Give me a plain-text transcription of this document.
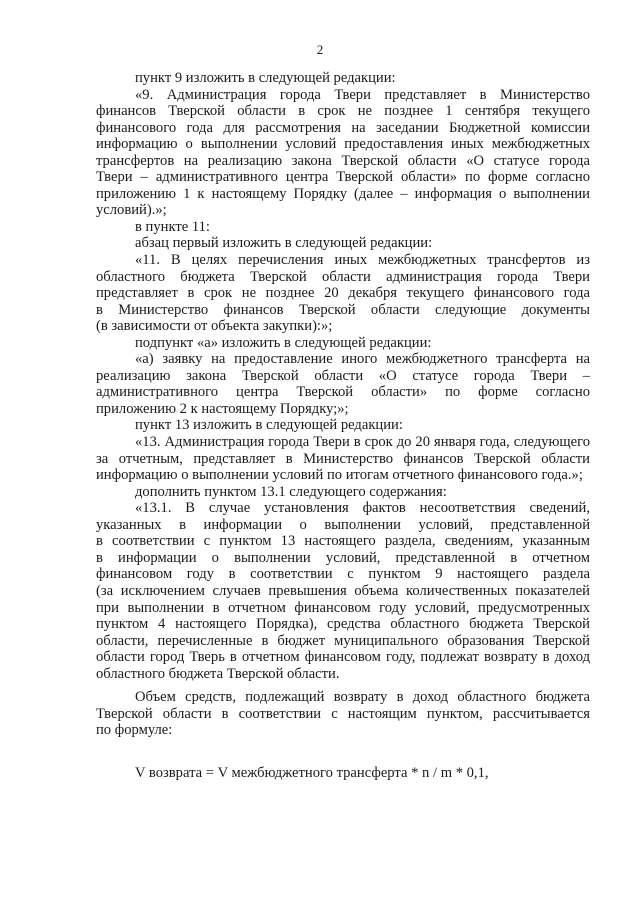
2
пункт 9 изложить в следующей редакции:
«9. Администрация города Твери представляет в Министерство
финансов Тверской области в срок не позднее 1 сентября текущего
финансового года для рассмотрения на заседании Бюджетной комиссии
информацию о выполнении условий предоставления иных межбюджетных
трансфертов на реализацию закона Тверской области «О статусе города
Твери – административного центра Тверской области» по форме согласно
приложению 1 к настоящему Порядку (далее – информация о выполнении
условий).»;
в пункте 11:
абзац первый изложить в следующей редакции:
«11. В целях перечисления иных межбюджетных трансфертов из
областного бюджета Тверской области администрация города Твери
представляет в срок не позднее 20 декабря текущего финансового года
в Министерство финансов Тверской области следующие документы
(в зависимости от объекта закупки):»;
подпункт «а» изложить в следующей редакции:
«а) заявку на предоставление иного межбюджетного трансферта на
реализацию закона Тверской области «О статусе города Твери –
административного центра Тверской области» по форме согласно
приложению 2 к настоящему Порядку;»;
пункт 13 изложить в следующей редакции:
«13. Администрация города Твери в срок до 20 января года, следующего
за отчетным, представляет в Министерство финансов Тверской области
информацию о выполнении условий по итогам отчетного финансового года.»;
дополнить пунктом 13.1 следующего содержания:
«13.1. В случае установления фактов несоответствия сведений,
указанных в информации о выполнении условий, представленной
в соответствии с пунктом 13 настоящего раздела, сведениям, указанным
в информации о выполнении условий, представленной в отчетном
финансовом году в соответствии с пунктом 9 настоящего раздела
(за исключением случаев превышения объема количественных показателей
при выполнении в отчетном финансовом году условий, предусмотренных
пунктом 4 настоящего Порядка), средства областного бюджета Тверской
области, перечисленные в бюджет муниципального образования Тверской
области город Тверь в отчетном финансовом году, подлежат возврату в доход
областного бюджета Тверской области.
Объем средств, подлежащий возврату в доход областного бюджета
Тверской области в соответствии с настоящим пунктом, рассчитывается
по формуле:
V возврата = V межбюджетного трансферта * n / m * 0,1,
